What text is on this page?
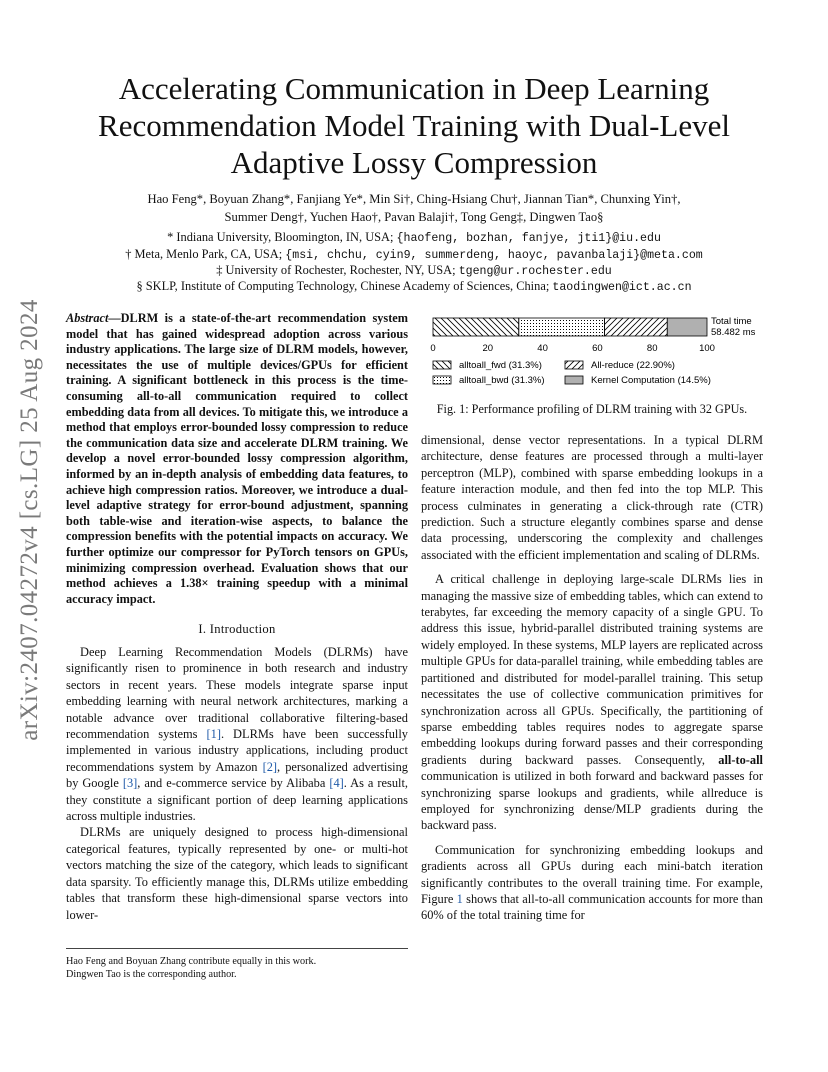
arXiv:2407.04272v4 [cs.LG] 25 Aug 2024
Accelerating Communication in Deep Learning Recommendation Model Training with Dual-Level Adaptive Lossy Compression
Hao Feng*, Boyuan Zhang*, Fanjiang Ye*, Min Si†, Ching-Hsiang Chu†, Jiannan Tian*, Chunxing Yin†,
Summer Deng†, Yuchen Hao†, Pavan Balaji†, Tong Geng‡, Dingwen Tao§
* Indiana University, Bloomington, IN, USA; {haofeng, bozhan, fanjye, jti1}@iu.edu
† Meta, Menlo Park, CA, USA; {msi, chchu, cyin9, summerdeng, haoyc, pavanbalaji}@meta.com
‡ University of Rochester, Rochester, NY, USA; tgeng@ur.rochester.edu
§ SKLP, Institute of Computing Technology, Chinese Academy of Sciences, China; taodingwen@ict.ac.cn
Abstract—DLRM is a state-of-the-art recommendation system model that has gained widespread adoption across various industry applications. The large size of DLRM models, however, necessitates the use of multiple devices/GPUs for efficient training. A significant bottleneck in this process is the time-consuming all-to-all communication required to collect embedding data from all devices. To mitigate this, we introduce a method that employs error-bounded lossy compression to reduce the communication data size and accelerate DLRM training. We develop a novel error-bounded lossy compression algorithm, informed by an in-depth analysis of embedding data features, to achieve high compression ratios. Moreover, we introduce a dual-level adaptive strategy for error-bound adjustment, spanning both table-wise and iteration-wise aspects, to balance the compression benefits with the potential impacts on accuracy. We further optimize our compressor for PyTorch tensors on GPUs, minimizing compression overhead. Evaluation shows that our method achieves a 1.38× training speedup with a minimal accuracy impact.
I. Introduction

Deep Learning Recommendation Models (DLRMs) have significantly risen to prominence in both research and industry sectors in recent years. These models integrate sparse input embedding learning with neural network architectures, marking a notable advance over traditional collaborative filtering-based recommendation systems [1]. DLRMs have been successfully implemented in various industry applications, including product recommendations system by Amazon [2], personalized advertising by Google [3], and e-commerce service by Alibaba [4]. As a result, they constitute a significant portion of deep learning applications across multiple industries.

DLRMs are uniquely designed to process high-dimensional categorical features, typically represented by one- or multi-hot vectors matching the size of the category, which leads to significant data sparsity. To efficiently manage this, DLRMs utilize embedding tables that transform these high-dimensional sparse vectors into lower-

Hao Feng and Boyuan Zhang contribute equally in this work.
Dingwen Tao is the corresponding author.
0	20	40	60	80	100
Total time
58.482 ms
alltoall_fwd (31.3%)
alltoall_bwd (31.3%)
All-reduce (22.90%)
Kernel Computation (14.5%)
Fig. 1: Performance profiling of DLRM training with 32 GPUs.

dimensional, dense vector representations. In a typical DLRM architecture, dense features are processed through a multi-layer perceptron (MLP), combined with sparse embedding lookups in a feature interaction module, and then fed into the top MLP. This process culminates in generating a click-through rate (CTR) prediction. Such a structure elegantly combines sparse and dense data processing, underscoring the complexity and challenges associated with the efficient implementation and scaling of DLRMs.

A critical challenge in deploying large-scale DLRMs lies in managing the massive size of embedding tables, which can extend to terabytes, far exceeding the memory capacity of a single GPU. To address this issue, hybrid-parallel distributed training systems are widely employed. In these systems, MLP layers are replicated across multiple GPUs for data-parallel training, while embedding tables are partitioned and distributed for model-parallel training. This setup necessitates the use of collective communication primitives for synchronization across all GPUs. Specifically, the partitioning of sparse embedding tables requires nodes to aggregate sparse embedding lookups during forward passes and their corresponding gradients during backward passes. Consequently, all-to-all communication is utilized in both forward and backward passes for synchronizing sparse lookups and gradients, while allreduce is employed for synchronizing dense/MLP gradients during the backward pass.

Communication for synchronizing embedding lookups and gradients across all GPUs during each mini-batch iteration significantly contributes to the overall training time. For example, Figure 1 shows that all-to-all communication accounts for more than 60% of the total training time for
